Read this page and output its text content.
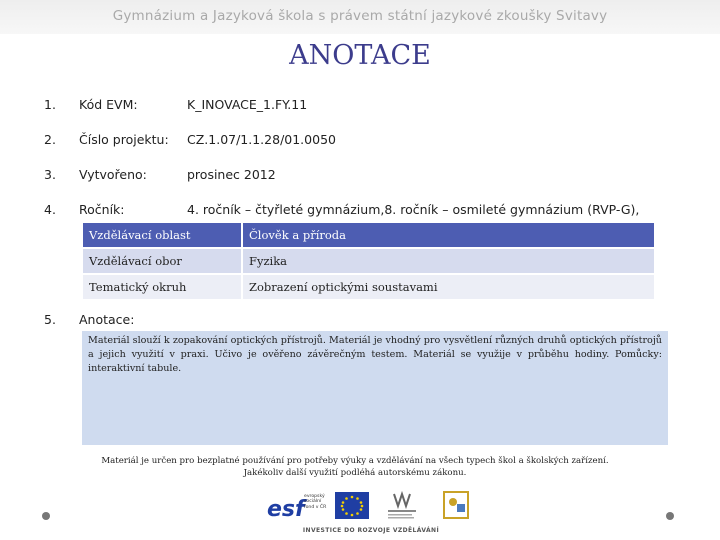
Gymnázium a Jazyková škola s právem státní jazykové zkoušky Svitavy
ANOTACE
1.	Kód EVM:	K_INOVACE_1.FY.11
2.	Číslo projektu: CZ.1.07/1.1.28/01.0050
3.	Vytvořeno:	prosinec 2012
4.	Ročník:	4. ročník – čtyřleté gymnázium,8. ročník – osmileté gymnázium (RVP-G),
Vzdělávací oblast	Člověk a příroda
Vzdělávací obor	Fyzika
Tematický okruh	Zobrazení optickými soustavami
5.	Anotace:
Materiál slouží k zopakování optických přístrojů. Materiál je vhodný pro vysvětlení různých druhů optických přístrojů a jejich využití v praxi. Učivo je ověřeno závěrečným testem. Materiál se využije v průběhu hodiny. Pomůcky: interaktivní tabule.
Materiál je určen pro bezplatné používání pro potřeby výuky a vzdělávání na všech typech škol a školských zařízení.
Jakékoliv další využití podléhá autorskému zákonu.
esf
evropský sociální fond v ČR
INVESTICE DO ROZVOJE VZDĚLÁVÁNÍ
